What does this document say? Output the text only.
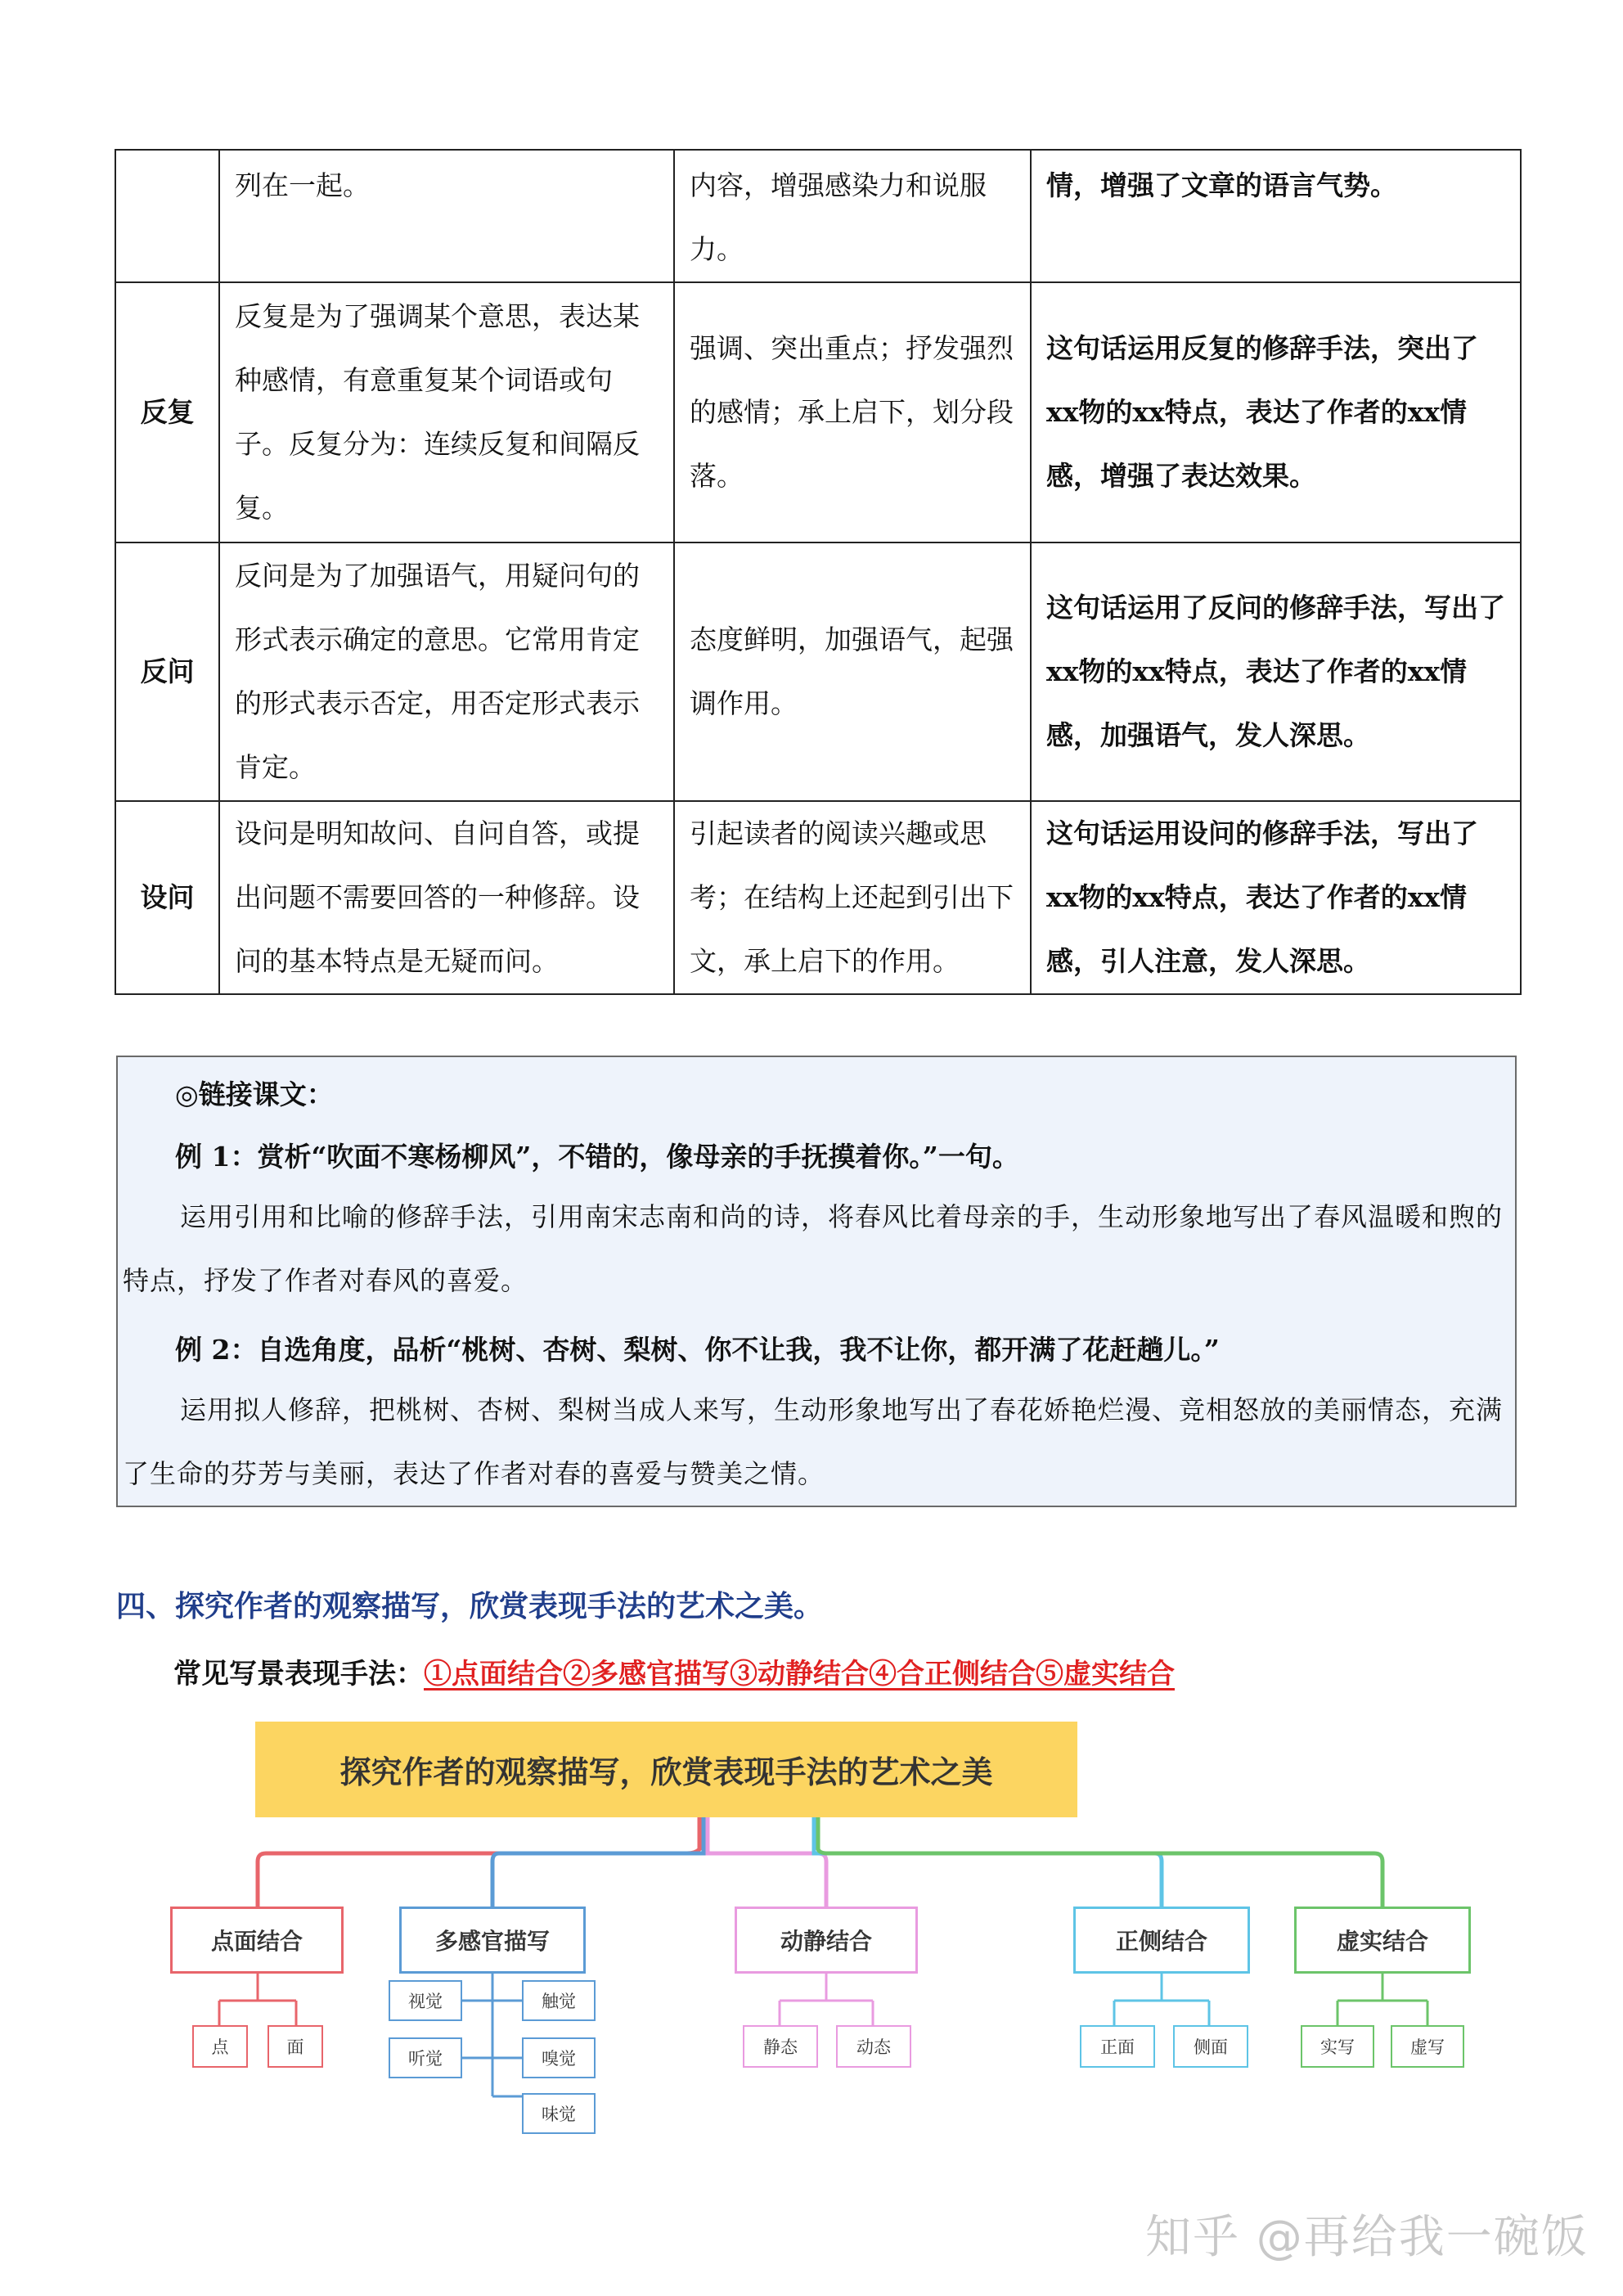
	列在一起。	内容，增强感染力和说服力。	情，增强了文章的语言气势。
反复	反复是为了强调某个意思，表达某种感情，有意重复某个词语或句子。反复分为：连续反复和间隔反复。	强调、突出重点；抒发强烈的感情；承上启下，划分段落。	这句话运用反复的修辞手法，突出了xx物的xx特点，表达了作者的xx情感，增强了表达效果。
反问	反问是为了加强语气，用疑问句的形式表示确定的意思。它常用肯定的形式表示否定，用否定形式表示肯定。	态度鲜明，加强语气，起强调作用。	这句话运用了反问的修辞手法，写出了xx物的xx特点，表达了作者的xx情感，加强语气，发人深思。
设问	设问是明知故问、自问自答，或提出问题不需要回答的一种修辞。设问的基本特点是无疑而问。	引起读者的阅读兴趣或思考；在结构上还起到引出下文，承上启下的作用。	这句话运用设问的修辞手法，写出了xx物的xx特点，表达了作者的xx情感，引人注意，发人深思。

◎链接课文：

例 1：赏析“吹面不寒杨柳风”，不错的，像母亲的手抚摸着你。”一句。

运用引用和比喻的修辞手法，引用南宋志南和尚的诗，将春风比着母亲的手，生动形象地写出了春风温暖和煦的特点，抒发了作者对春风的喜爱。

例 2：自选角度，品析“桃树、杏树、梨树、你不让我，我不让你，都开满了花赶趟儿。”

运用拟人修辞，把桃树、杏树、梨树当成人来写，生动形象地写出了春花娇艳烂漫、竞相怒放的美丽情态，充满了生命的芬芳与美丽，表达了作者对春的喜爱与赞美之情。

四、探究作者的观察描写，欣赏表现手法的艺术之美。
常见写景表现手法：①点面结合②多感官描写③动静结合④合正侧结合⑤虚实结合
探究作者的观察描写，欣赏表现手法的艺术之美
点面结合	多感官描写	动静结合	正侧结合	虚实结合
点	面
视觉	触觉
听觉	嗅觉
味觉
静态	动态	正面	侧面	实写	虚写
知乎 @再给我一碗饭
